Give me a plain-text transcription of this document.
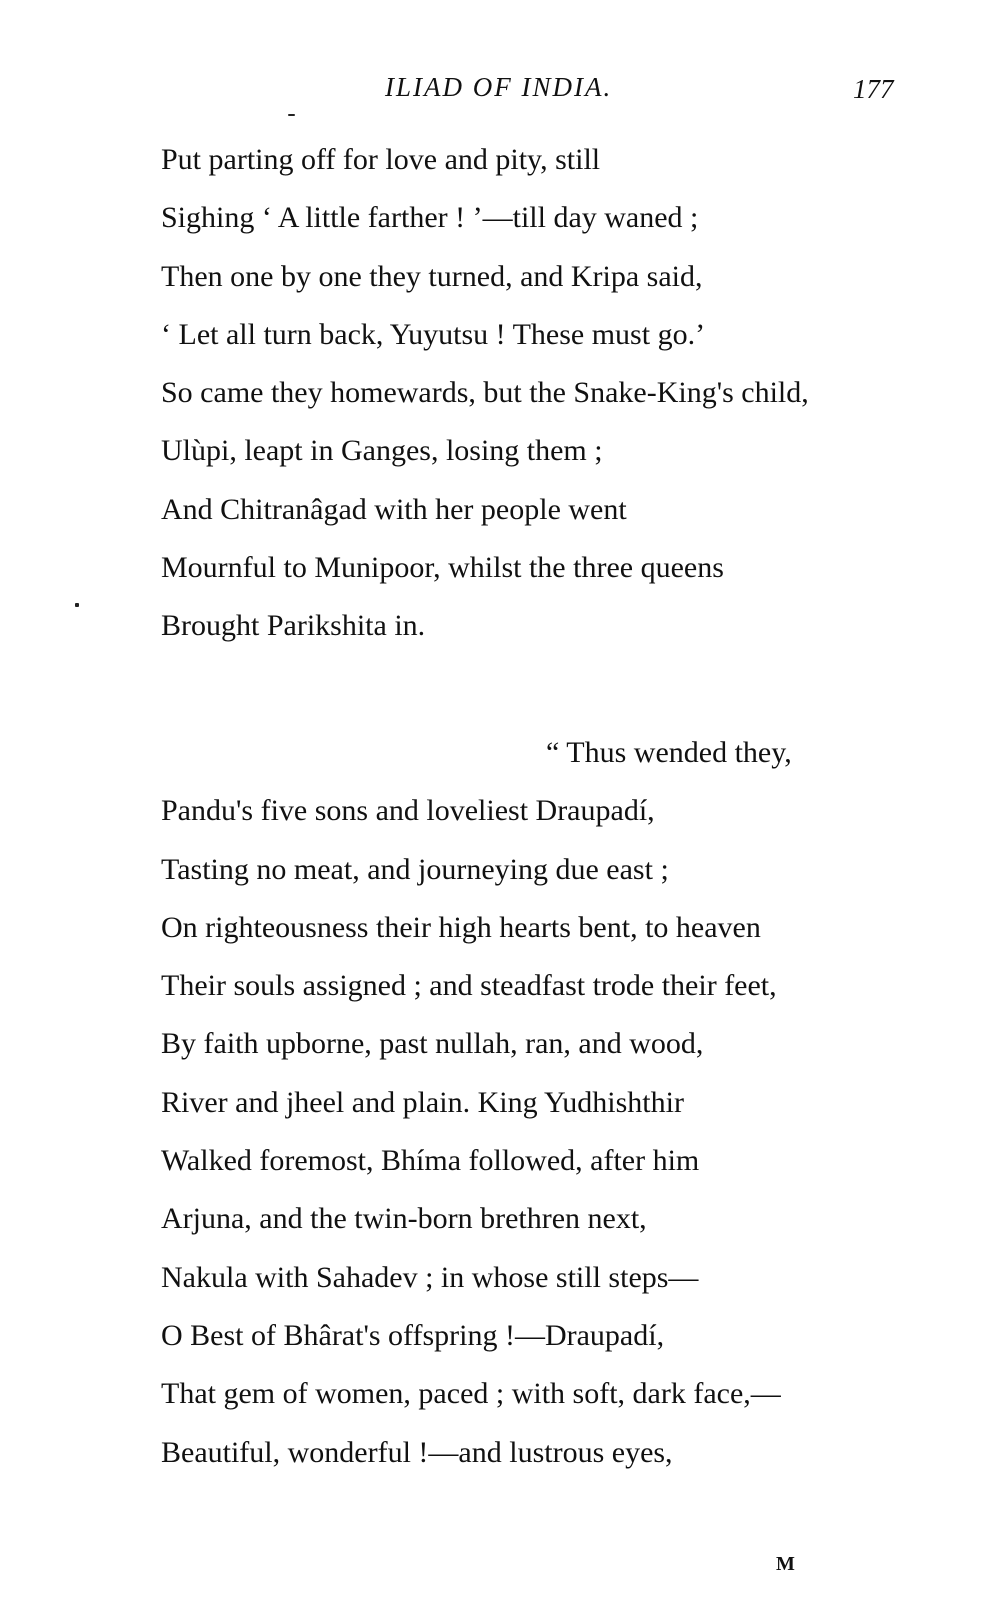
ILIAD OF INDIA.	177
Put parting off for love and pity, still
Sighing ‘ A little farther ! ’—till day waned ;
Then one by one they turned, and Kripa said,
‘ Let all turn back, Yuyutsu ! These must go.’
So came they homewards, but the Snake-King's child,
Ulùpi, leapt in Ganges, losing them ;
And Chitranâgad with her people went
Mournful to Munipoor, whilst the three queens
Brought Parikshita in.
“ Thus wended they,
Pandu's five sons and loveliest Draupadí,
Tasting no meat, and journeying due east ;
On righteousness their high hearts bent, to heaven
Their souls assigned ; and steadfast trode their feet,
By faith upborne, past nullah, ran, and wood,
River and jheel and plain. King Yudhishthir
Walked foremost, Bhíma followed, after him
Arjuna, and the twin-born brethren next,
Nakula with Sahadev ; in whose still steps—
O Best of Bhârat's offspring !—Draupadí,
That gem of women, paced ; with soft, dark face,—
Beautiful, wonderful !—and lustrous eyes,
M
